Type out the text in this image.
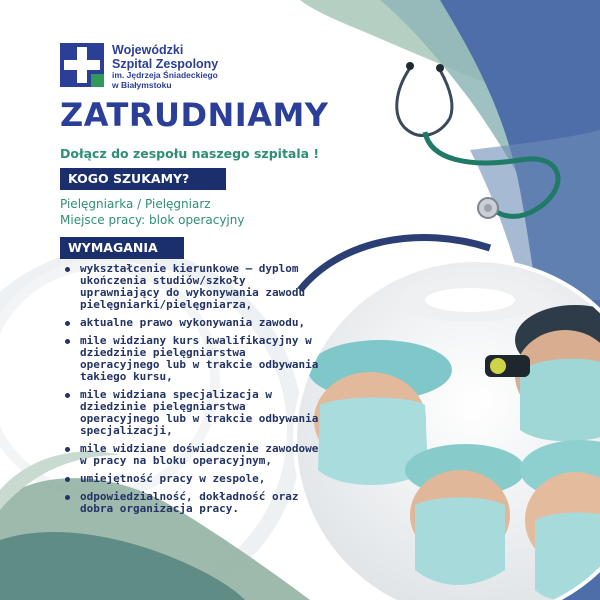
Wojewódzki
Szpital Zespolony
im. Jędrzeja Śniadeckiego
w Białymstoku
ZATRUDNIAMY
Dołącz do zespołu naszego szpitala !
KOGO SZUKAMY?
Pielęgniarka / Pielęgniarz
Miejsce pracy: blok operacyjny
WYMAGANIA
wykształcenie kierunkowe – dyplom ukończenia studiów/szkoły uprawniający do wykonywania zawodu pielęgniarki/pielęgniarza,
aktualne prawo wykonywania zawodu,
mile widziany kurs kwalifikacyjny w dziedzinie pielęgniarstwa operacyjnego lub w trakcie odbywania takiego kursu,
mile widziana specjalizacja w dziedzinie pielęgniarstwa operacyjnego lub w trakcie odbywania specjalizacji,
mile widziane doświadczenie zawodowe w pracy na bloku operacyjnym,
umiejętność pracy w zespole,
odpowiedzialność, dokładność oraz dobra organizacja pracy.
